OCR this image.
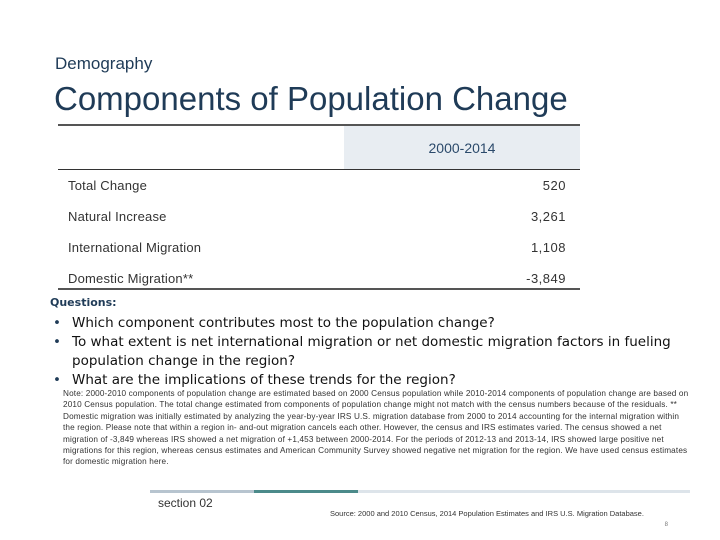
Demography
Components of Population Change
2000-2014
Total Change	520
Natural Increase	3,261
International Migration	1,108
Domestic Migration**	-3,849
Questions:
• Which component contributes most to the population change?
• To what extent is net international migration or net domestic migration factors in fueling population change in the region?
• What are the implications of these trends for the region?
Note: 2000-2010 components of population change are estimated based on 2000 Census population while 2010-2014 components of population change are based on 2010 Census population. The total change estimated from components of population change might not match with the census numbers because of the residuals. ** Domestic migration was initially estimated by analyzing the year-by-year IRS U.S. migration database from 2000 to 2014 accounting for the internal migration within the region. Please note that within a region in- and-out migration cancels each other. However, the census and IRS estimates varied. The census showed a net migration of -3,849 whereas IRS showed a net migration of +1,453 between 2000-2014. For the periods of 2012-13 and 2013-14, IRS showed large positive net migrations for this region, whereas census estimates and American Community Survey showed negative net migration for the region. We have used census estimates for domestic migration here.
section 02
Source: 2000 and 2010 Census, 2014 Population Estimates and IRS U.S. Migration Database.
8
